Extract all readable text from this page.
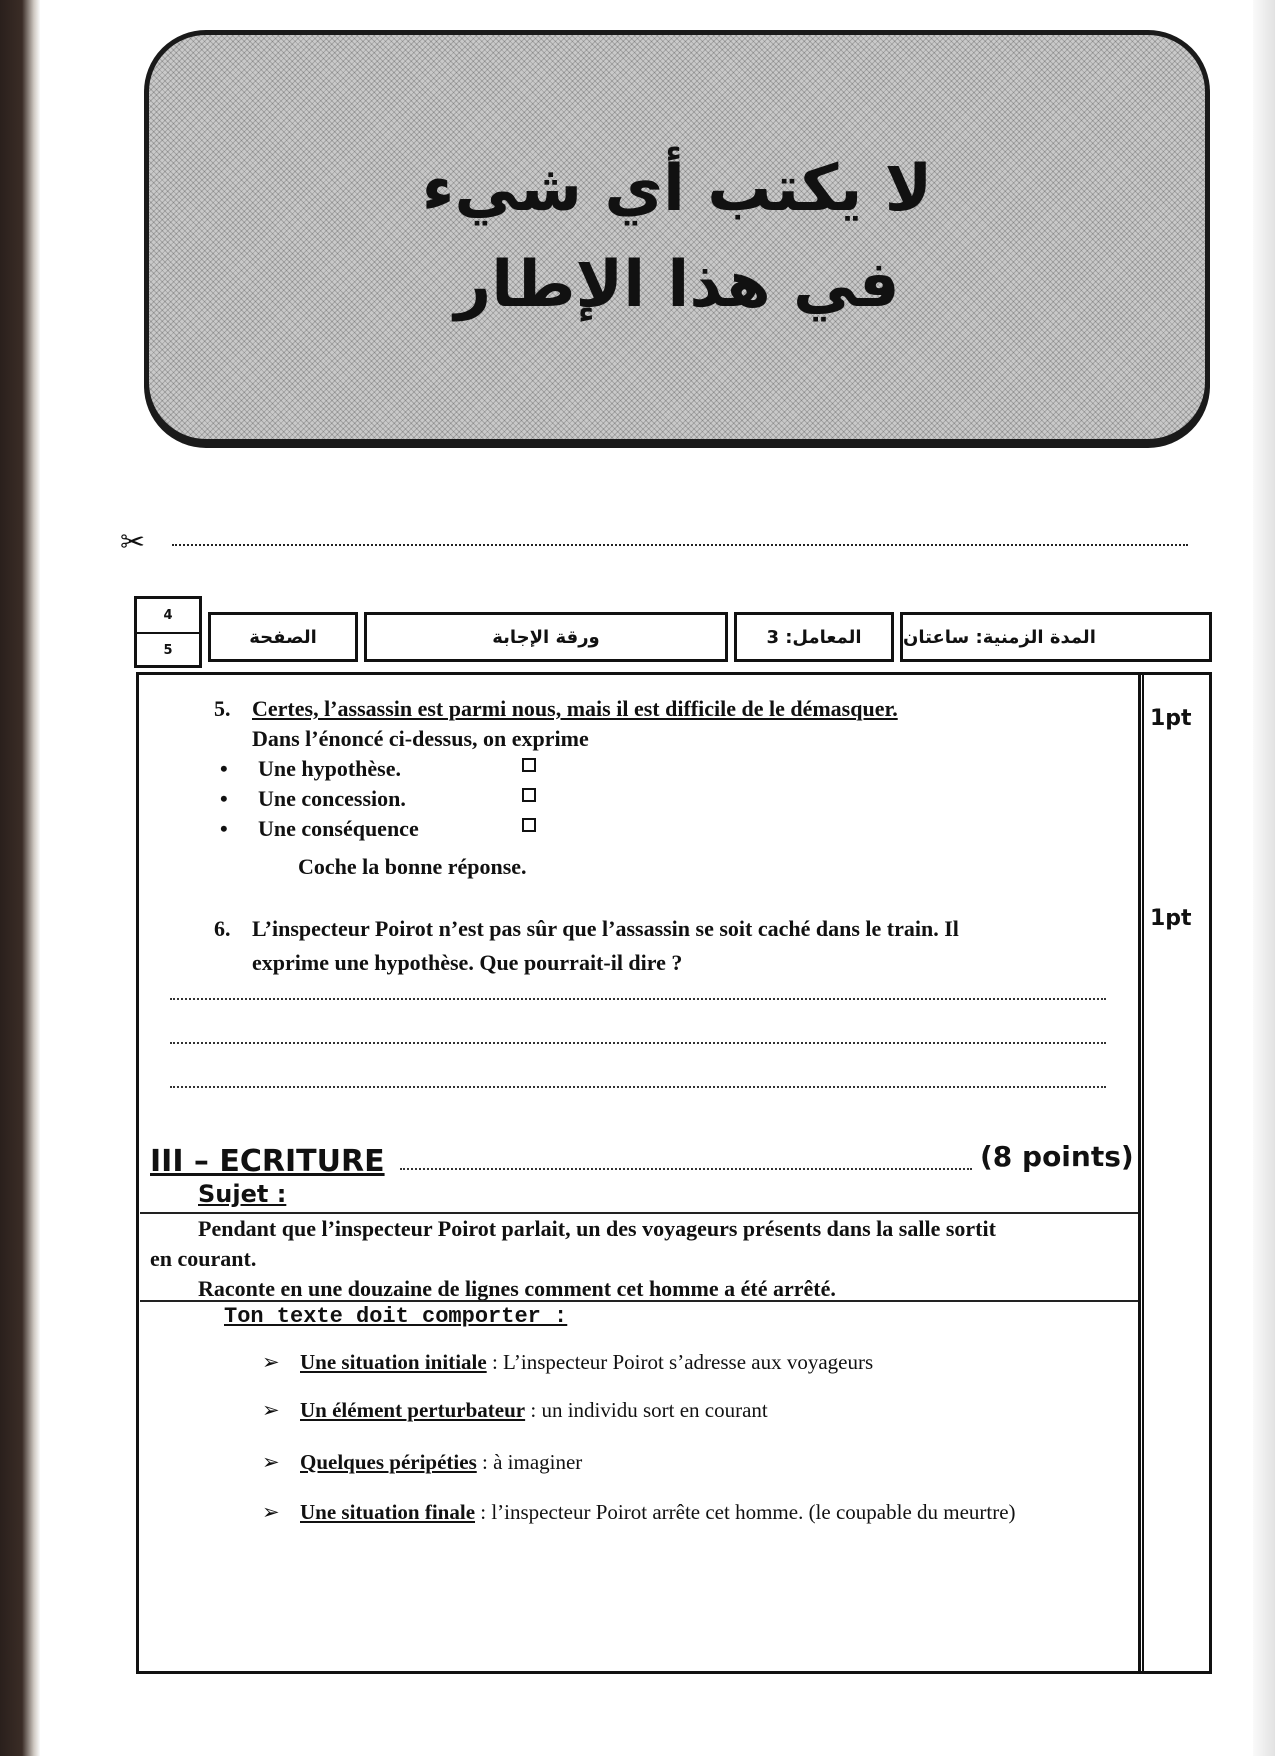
لا يكتب أي شيء
في هذا الإطار
✂
المدة الزمنية: ساعتان
المعامل: 3
ورقة الإجابة
الصفحة
4
5
5. Certes, l’assassin est parmi nous, mais il est difficile de le démasquer.
Dans l’énoncé ci-dessus, on exprime
1pt
• Une hypothèse.
• Une concession.
• Une conséquence
Coche la bonne réponse.
6. L’inspecteur Poirot n’est pas sûr que l’assassin se soit caché dans le train. Il
exprime une hypothèse. Que pourrait-il dire ?
1pt
III – ECRITURE	(8 points)
Sujet :
Pendant que l’inspecteur Poirot parlait, un des voyageurs présents dans la salle sortit
en courant.
Raconte en une douzaine de lignes comment cet homme a été arrêté.
Ton texte doit comporter :
➢ Une situation initiale : L’inspecteur Poirot s’adresse aux voyageurs
➢ Un élément perturbateur : un individu sort en courant
➢ Quelques péripéties : à imaginer
➢ Une situation finale : l’inspecteur Poirot arrête cet homme. (le coupable du meurtre)
